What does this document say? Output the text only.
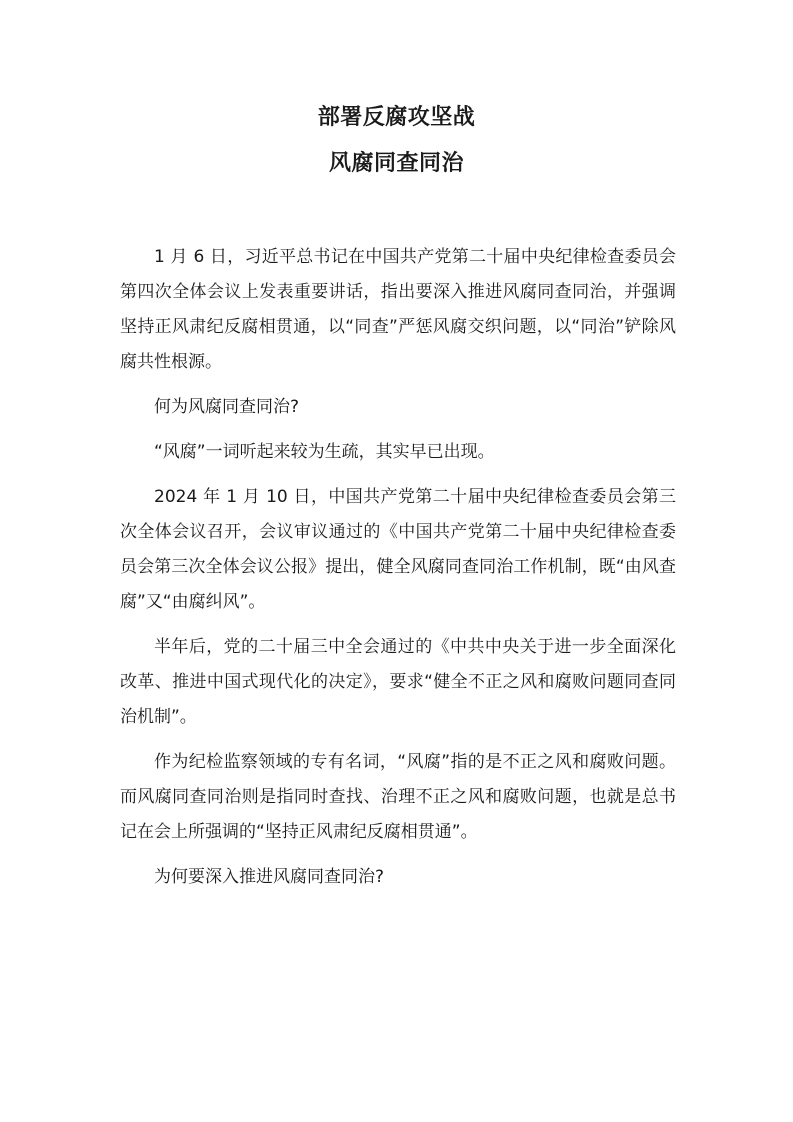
部署反腐攻坚战
风腐同查同治

1 月 6 日，习近平总书记在中国共产党第二十届中央纪律检查委员会第四次全体会议上发表重要讲话，指出要深入推进风腐同查同治，并强调坚持正风肃纪反腐相贯通，以“同查”严惩风腐交织问题，以“同治”铲除风腐共性根源。

何为风腐同查同治?

“风腐”一词听起来较为生疏，其实早已出现。

2024 年 1 月 10 日，中国共产党第二十届中央纪律检查委员会第三次全体会议召开，会议审议通过的《中国共产党第二十届中央纪律检查委员会第三次全体会议公报》提出，健全风腐同查同治工作机制，既“由风查腐”又“由腐纠风”。

半年后，党的二十届三中全会通过的《中共中央关于进一步全面深化改革、推进中国式现代化的决定》，要求“健全不正之风和腐败问题同查同治机制”。

作为纪检监察领域的专有名词，“风腐”指的是不正之风和腐败问题。而风腐同查同治则是指同时查找、治理不正之风和腐败问题，也就是总书记在会上所强调的“坚持正风肃纪反腐相贯通”。

为何要深入推进风腐同查同治?
